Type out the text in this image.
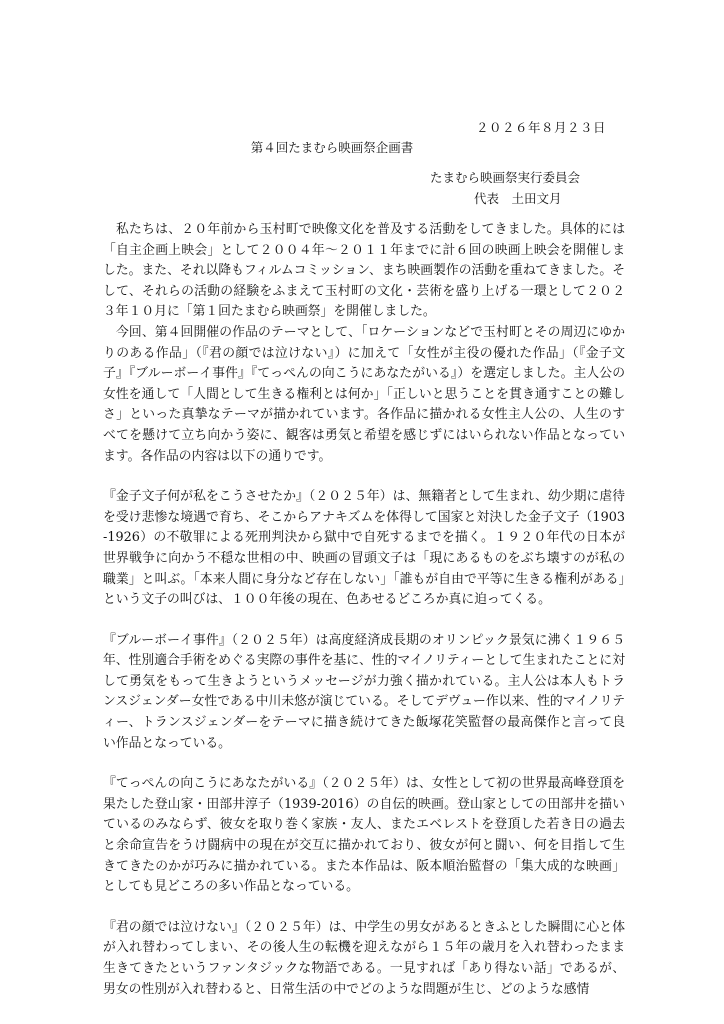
２０２６年８月２３日
第４回たまむら映画祭企画書
たまむら映画祭実行委員会
代表　土田文月

私たちは、２０年前から玉村町で映像文化を普及する活動をしてきました。具体的には「自主企画上映会」として２００４年～２０１１年までに計６回の映画上映会を開催しました。また、それ以降もフィルムコミッション、まち映画製作の活動を重ねてきました。そして、それらの活動の経験をふまえて玉村町の文化・芸術を盛り上げる一環として２０２３年１０月に「第１回たまむら映画祭」を開催しました。

今回、第４回開催の作品のテーマとして、「ロケーションなどで玉村町とその周辺にゆかりのある作品」（『君の顔では泣けない』）に加えて「女性が主役の優れた作品」（『金子文子』『ブルーボーイ事件』『てっぺんの向こうにあなたがいる』）を選定しました。主人公の女性を通して「人間として生きる権利とは何か」「正しいと思うことを貫き通すことの難しさ」といった真摯なテーマが描かれています。各作品に描かれる女性主人公の、人生のすべてを懸けて立ち向かう姿に、観客は勇気と希望を感じずにはいられない作品となっています。各作品の内容は以下の通りです。

『金子文子何が私をこうさせたか』（２０２５年）は、無籍者として生まれ、幼少期に虐待を受け悲惨な境遇で育ち、そこからアナキズムを体得して国家と対決した金子文子（1903-1926）の不敬罪による死刑判決から獄中で自死するまでを描く。１９２０年代の日本が世界戦争に向かう不穏な世相の中、映画の冒頭文子は「現にあるものをぶち壊すのが私の職業」と叫ぶ。「本来人間に身分など存在しない」「誰もが自由で平等に生きる権利がある」という文子の叫びは、１００年後の現在、色あせるどころか真に迫ってくる。

『ブルーボーイ事件』（２０２５年）は高度経済成長期のオリンピック景気に沸く１９６５年、性別適合手術をめぐる実際の事件を基に、性的マイノリティーとして生まれたことに対して勇気をもって生きようというメッセージが力強く描かれている。主人公は本人もトランスジェンダー女性である中川未悠が演じている。そしてデヴュー作以来、性的マイノリティー、トランスジェンダーをテーマに描き続けてきた飯塚花笑監督の最高傑作と言って良い作品となっている。

『てっぺんの向こうにあなたがいる』（２０２５年）は、女性として初の世界最高峰登頂を果たした登山家・田部井淳子（1939-2016）の自伝的映画。登山家としての田部井を描いているのみならず、彼女を取り巻く家族・友人、またエベレストを登頂した若き日の過去と余命宣告をうけ闘病中の現在が交互に描かれており、彼女が何と闘い、何を目指して生きてきたのかが巧みに描かれている。また本作品は、阪本順治監督の「集大成的な映画」としても見どころの多い作品となっている。

『君の顔では泣けない』（２０２５年）は、中学生の男女があるときふとした瞬間に心と体が入れ替わってしまい、その後人生の転機を迎えながら１５年の歳月を入れ替わったまま生きてきたというファンタジックな物語である。一見すれば「あり得ない話」であるが、男女の性別が入れ替わると、日常生活の中でどのような問題が生じ、どのような感情
